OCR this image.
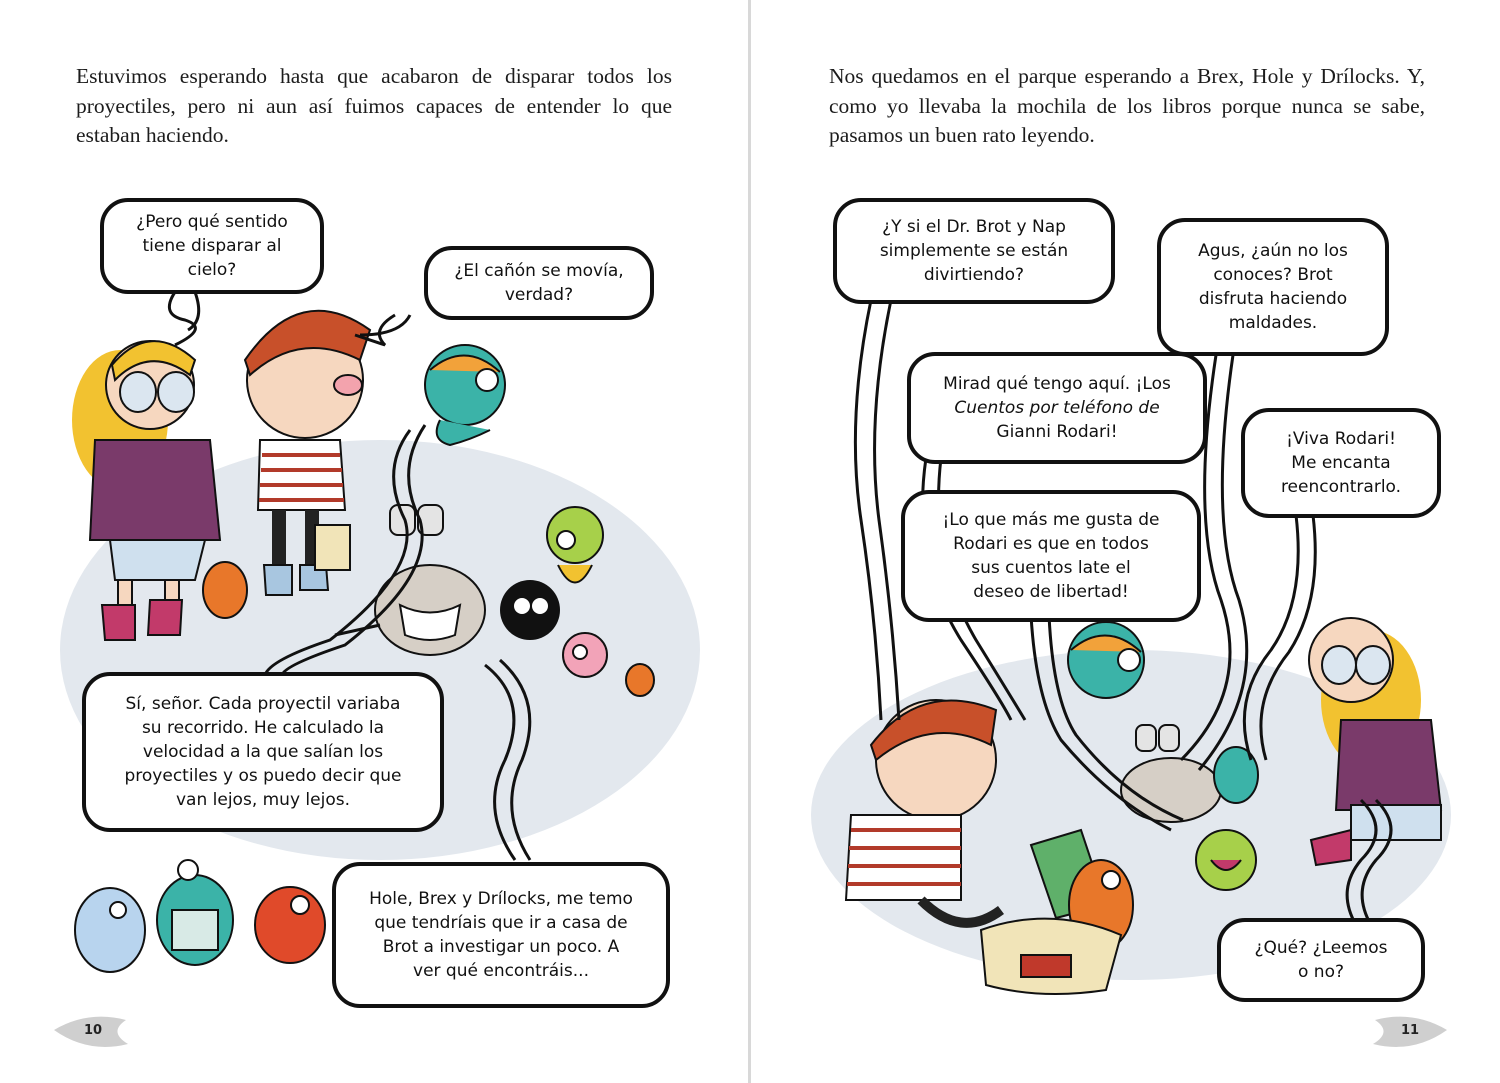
Estuvimos esperando hasta que acabaron de disparar todos los proyectiles, pero ni aun así fuimos capaces de entender lo que estaban haciendo.

¿Pero qué sentido
tiene disparar al
cielo?	¿El cañón se movía,
verdad?
Sí, señor. Cada proyectil variaba
su recorrido. He calculado la
velocidad a la que salían los
proyectiles y os puedo decir que
van lejos, muy lejos.
Hole, Brex y Drílocks, me temo
que tendríais que ir a casa de
Brot a investigar un poco. A
ver qué encontráis...
10

Nos quedamos en el parque esperando a Brex, Hole y Drílocks. Y, como yo llevaba la mochila de los libros porque nunca se sabe, pasamos un buen rato leyendo.

¿Y si el Dr. Brot y Nap
simplemente se están
divirtiendo?
Agus, ¿aún no los
conoces? Brot
disfruta haciendo
maldades.
Mirad qué tengo aquí. ¡Los
Cuentos por teléfono de
Gianni Rodari!	¡Viva Rodari!
Me encanta
reencontrarlo.
¡Lo que más me gusta de
Rodari es que en todos
sus cuentos late el
deseo de libertad!
¿Qué? ¿Leemos
o no?
11
